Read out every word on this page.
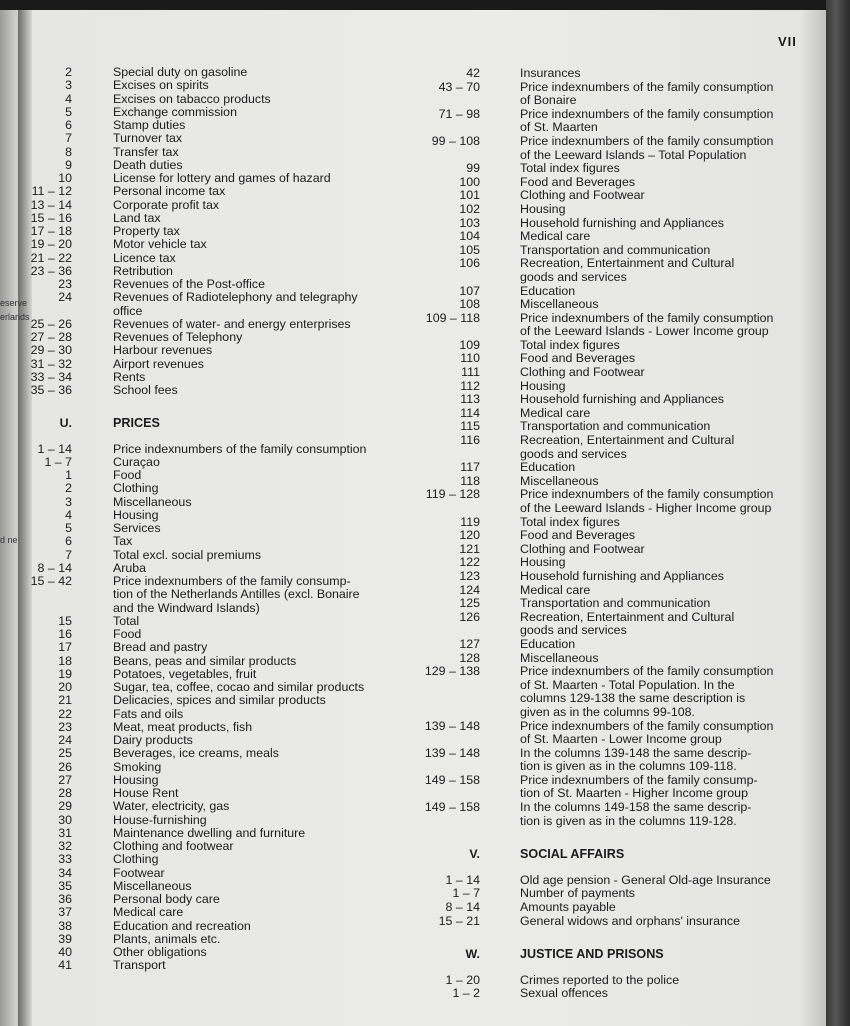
VII
eserve
erlands
d ne
2	Special duty on gasoline
3	Excises on spirits
4	Excises on tabacco products
5	Exchange commission
6	Stamp duties
7	Turnover tax
8	Transfer tax
9	Death duties
10	License for lottery and games of hazard
11 – 12	Personal income tax
13 – 14	Corporate profit tax
15 – 16	Land tax
17 – 18	Property tax
19 – 20	Motor vehicle tax
21 – 22	Licence tax
23 – 36	Retribution
23	Revenues of the Post-office
24	Revenues of Radiotelephony and telegraphy
office
25 – 26	Revenues of water- and energy enterprises
27 – 28	Revenues of Telephony
29 – 30	Harbour revenues
31 – 32	Airport revenues
33 – 34	Rents
35 – 36	School fees
U.	PRICES
1 – 14	Price indexnumbers of the family consumption
1 – 7	Curaçao
1	Food
2	Clothing
3	Miscellaneous
4	Housing
5	Services
6	Tax
7	Total excl. social premiums
8 – 14	Aruba
15 – 42	Price indexnumbers of the family consump-
tion of the Netherlands Antilles (excl. Bonaire
and the Windward Islands)
15	Total
16	Food
17	Bread and pastry
18	Beans, peas and similar products
19	Potatoes, vegetables, fruit
20	Sugar, tea, coffee, cocao and similar products
21	Delicacies, spices and similar products
22	Fats and oils
23	Meat, meat products, fish
24	Dairy products
25	Beverages, ice creams, meals
26	Smoking
27	Housing
28	House Rent
29	Water, electricity, gas
30	House-furnishing
31	Maintenance dwelling and furniture
32	Clothing and footwear
33	Clothing
34	Footwear
35	Miscellaneous
36	Personal body care
37	Medical care
38	Education and recreation
39	Plants, animals etc.
40	Other obligations
41	Transport
42	Insurances
43 – 70	Price indexnumbers of the family consumption
of Bonaire
71 – 98	Price indexnumbers of the family consumption
of St. Maarten
99 – 108	Price indexnumbers of the family consumption
of the Leeward Islands – Total Population
99	Total index figures
100	Food and Beverages
101	Clothing and Footwear
102	Housing
103	Household furnishing and Appliances
104	Medical care
105	Transportation and communication
106	Recreation, Entertainment and Cultural
goods and services
107	Education
108	Miscellaneous
109 – 118	Price indexnumbers of the family consumption
of the Leeward Islands - Lower Income group
109	Total index figures
110	Food and Beverages
111	Clothing and Footwear
112	Housing
113	Household furnishing and Appliances
114	Medical care
115	Transportation and communication
116	Recreation, Entertainment and Cultural
goods and services
117	Education
118	Miscellaneous
119 – 128	Price indexnumbers of the family consumption
of the Leeward Islands - Higher Income group
119	Total index figures
120	Food and Beverages
121	Clothing and Footwear
122	Housing
123	Household furnishing and Appliances
124	Medical care
125	Transportation and communication
126	Recreation, Entertainment and Cultural
goods and services
127	Education
128	Miscellaneous
129 – 138	Price indexnumbers of the family consumption
of St. Maarten - Total Population. In the
columns 129-138 the same description is
given as in the columns 99-108.
139 – 148	Price indexnumbers of the family consumption
of St. Maarten - Lower Income group
139 – 148	In the columns 139-148 the same descrip-
tion is given as in the columns 109-118.
149 – 158	Price indexnumbers of the family consump-
tion of St. Maarten - Higher Income group
149 – 158	In the columns 149-158 the same descrip-
tion is given as in the columns 119-128.
V.	SOCIAL AFFAIRS
1 – 14	Old age pension - General Old-age Insurance
1 – 7	Number of payments
8 – 14	Amounts payable
15 – 21	General widows and orphans' insurance
W.	JUSTICE AND PRISONS
1 – 20	Crimes reported to the police
1 – 2	Sexual offences
